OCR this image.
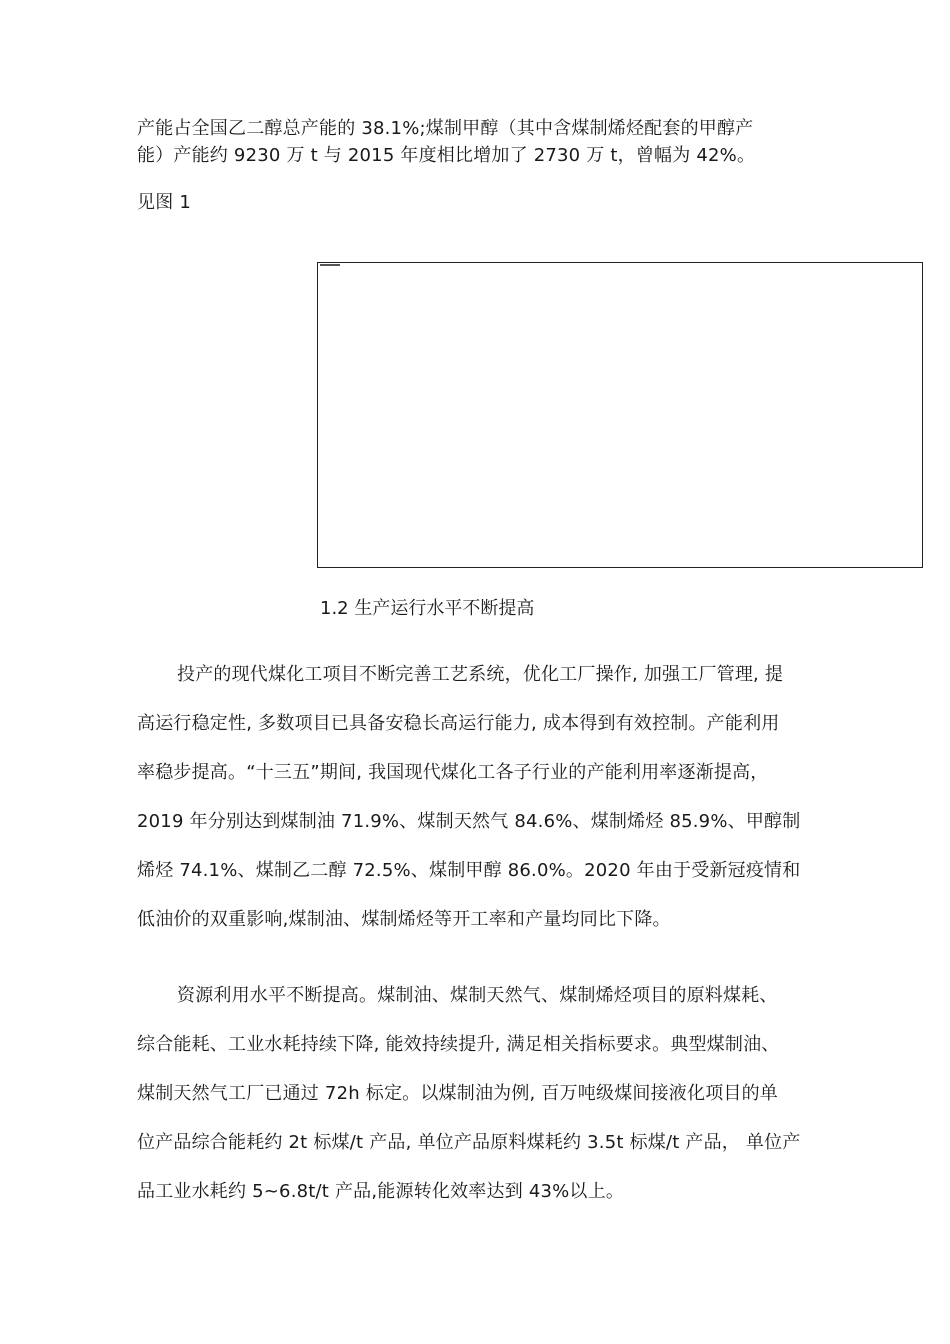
产能占全国乙二醇总产能的 38.1%;煤制甲醇（其中含煤制烯烃配套的甲醇产
能）产能约 9230 万 t 与 2015 年度相比增加了 2730 万 t，曾幅为 42%。
见图 1
1.2 生产运行水平不断提高
投产的现代煤化工项目不断完善工艺系统，优化工厂操作, 加强工厂管理, 提
高运行稳定性, 多数项目已具备安稳长高运行能力, 成本得到有效控制。产能利用
率稳步提高。“十三五”期间, 我国现代煤化工各子行业的产能利用率逐渐提高，
2019 年分别达到煤制油 71.9%、煤制天然气 84.6%、煤制烯烃 85.9%、甲醇制
烯烃 74.1%、煤制乙二醇 72.5%、煤制甲醇 86.0%。2020 年由于受新冠疫情和
低油价的双重影响,煤制油、煤制烯烃等开工率和产量均同比下降。
资源利用水平不断提高。煤制油、煤制天然气、煤制烯烃项目的原料煤耗、
综合能耗、工业水耗持续下降, 能效持续提升, 满足相关指标要求。典型煤制油、
煤制天然气工厂已通过 72h 标定。以煤制油为例, 百万吨级煤间接液化项目的单
位产品综合能耗约 2t 标煤/t 产品, 单位产品原料煤耗约 3.5t 标煤/t 产品， 单位产
品工业水耗约 5~6.8t/t 产品,能源转化效率达到 43%以上。
